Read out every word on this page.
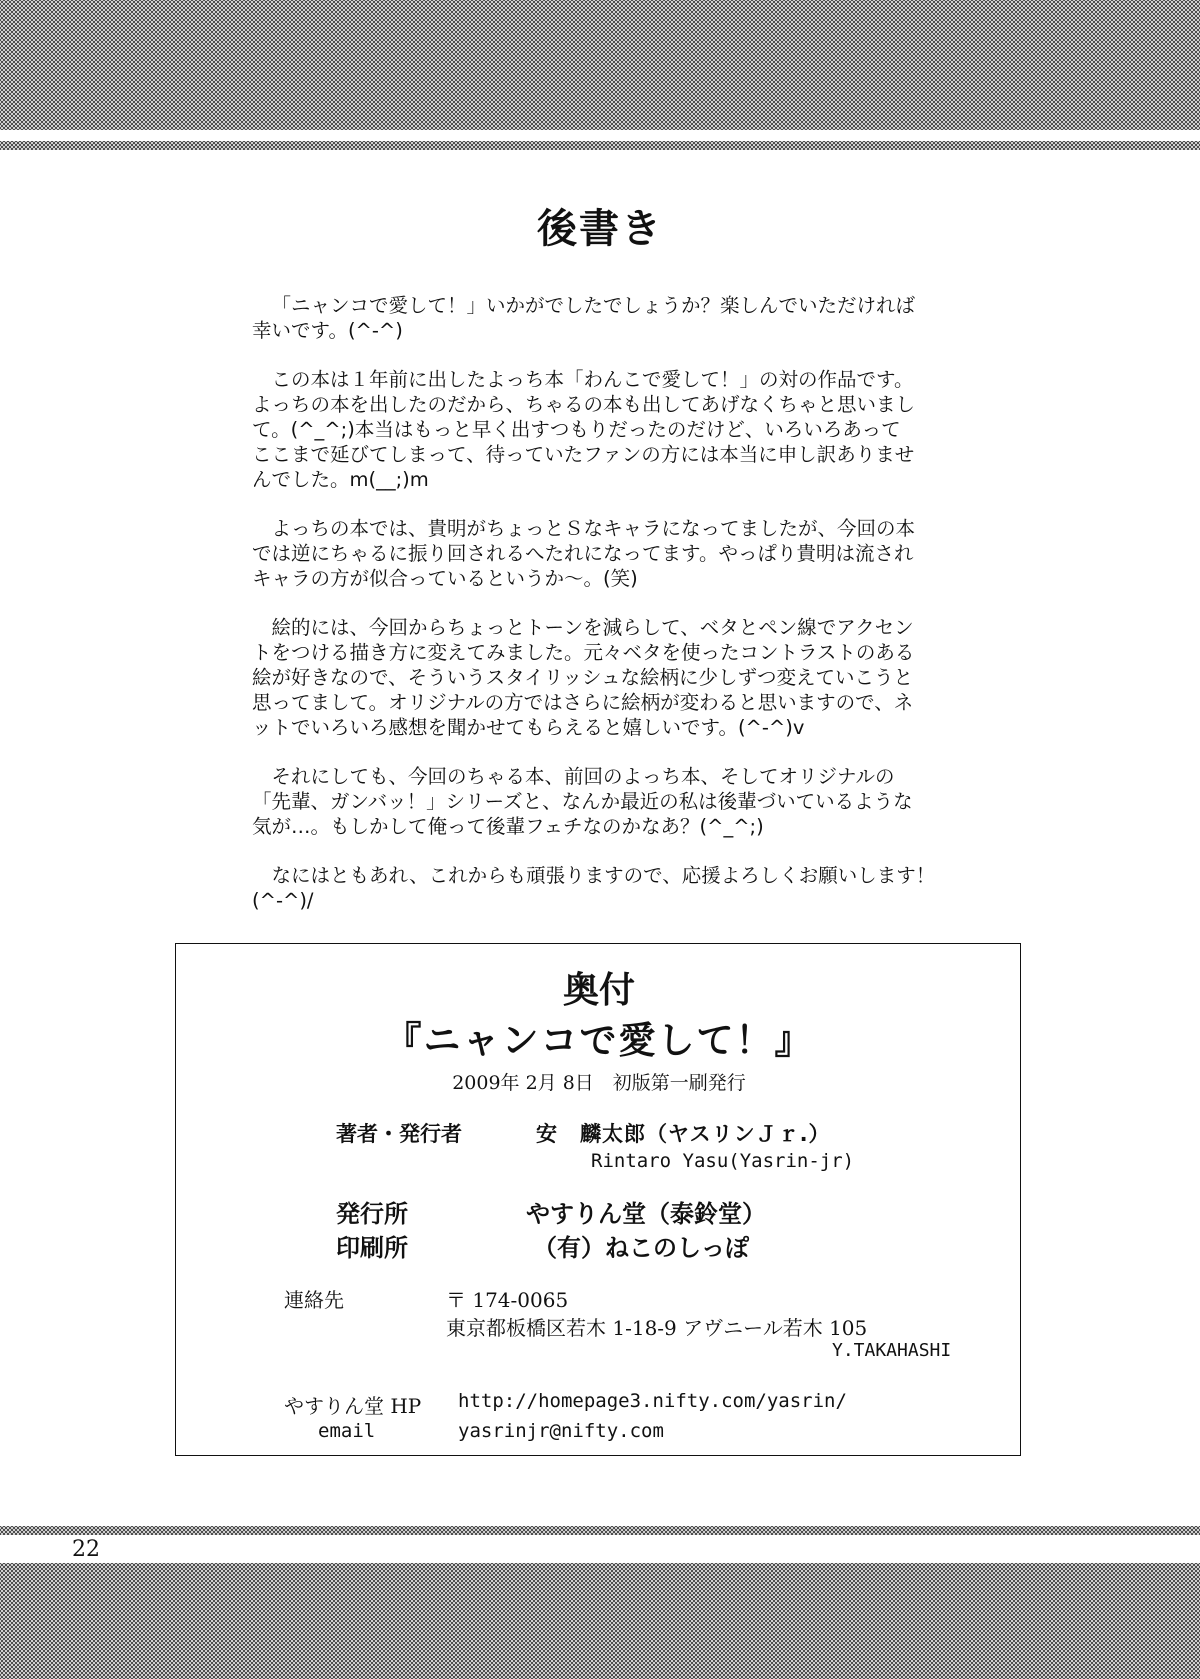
後書き

「ニャンコで愛して！」いかがでしたでしょうか？楽しんでいただければ
幸いです。(^-^)

この本は１年前に出したよっち本「わんこで愛して！」の対の作品です。
よっちの本を出したのだから、ちゃるの本も出してあげなくちゃと思いまし
て。(^_^;)本当はもっと早く出すつもりだったのだけど、いろいろあって
ここまで延びてしまって、待っていたファンの方には本当に申し訳ありませ
んでした。m(__;)m

よっちの本では、貴明がちょっとＳなキャラになってましたが、今回の本
では逆にちゃるに振り回されるへたれになってます。やっぱり貴明は流され
キャラの方が似合っているというか～。(笑)

絵的には、今回からちょっとトーンを減らして、ベタとペン線でアクセン
トをつける描き方に変えてみました。元々ベタを使ったコントラストのある
絵が好きなので、そういうスタイリッシュな絵柄に少しずつ変えていこうと
思ってまして。オリジナルの方ではさらに絵柄が変わると思いますので、ネ
ットでいろいろ感想を聞かせてもらえると嬉しいです。(^-^)v

それにしても、今回のちゃる本、前回のよっち本、そしてオリジナルの
「先輩、ガンバッ！」シリーズと、なんか最近の私は後輩づいているような
気が…。もしかして俺って後輩フェチなのかなあ？(^_^;)

なにはともあれ、これからも頑張りますので、応援よろしくお願いします！
(^-^)/

奥付
『ニャンコで愛して！』
2009年 2月 8日　初版第一刷発行
著者・発行者	安　麟太郎（ヤスリンＪｒ.）
Rintaro Yasu(Yasrin-jr)
発行所	やすりん堂（泰鈴堂）
印刷所	（有）ねこのしっぽ
連絡先	〒 174-0065
東京都板橋区若木 1-18-9 アヴニール若木 105
Y.TAKAHASHI
やすりん堂 HP http://homepage3.nifty.com/yasrin/
email	yasrinjr@nifty.com
22
